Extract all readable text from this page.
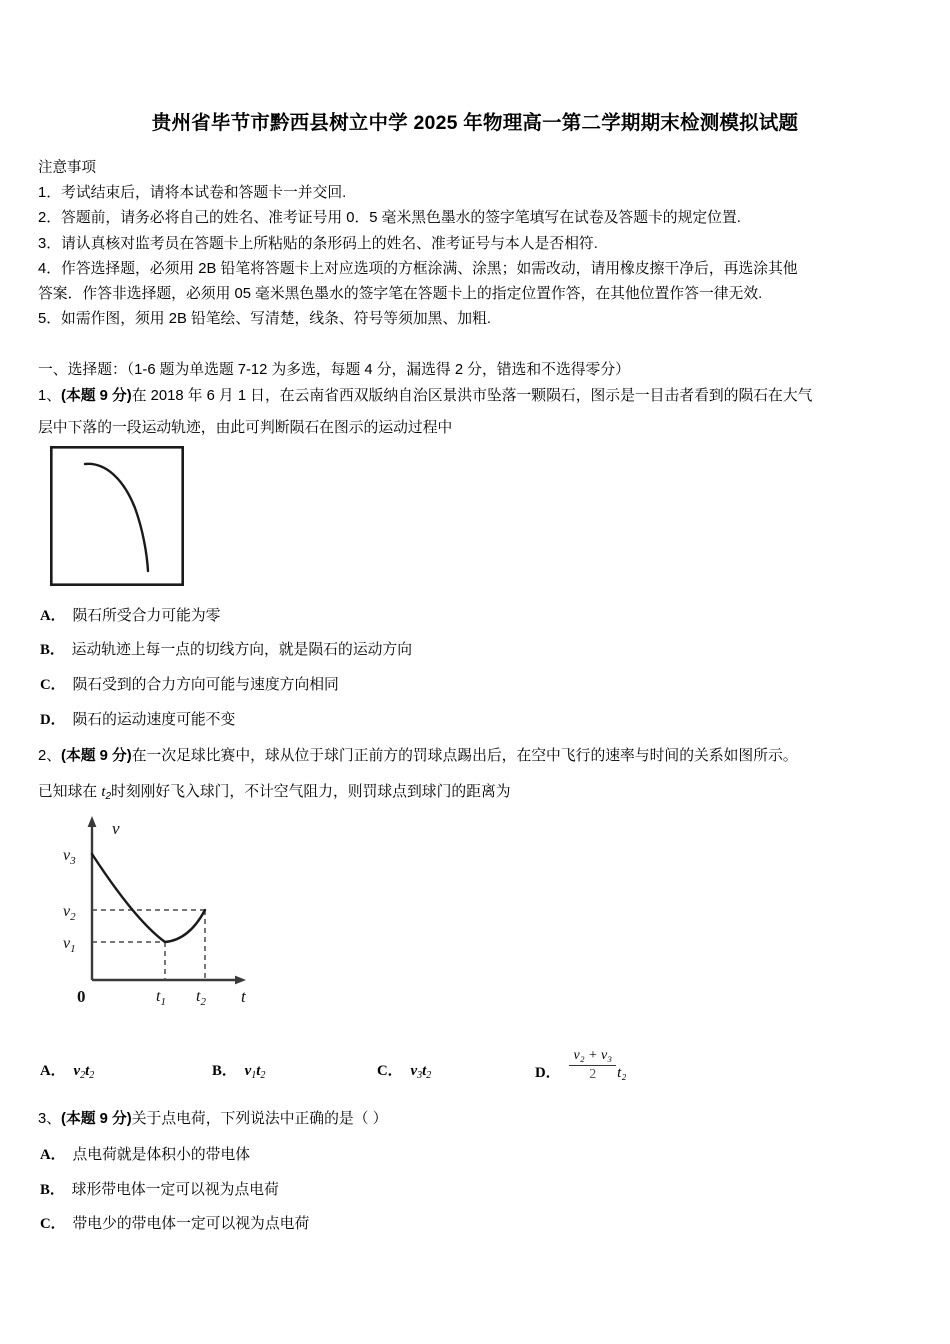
贵州省毕节市黔西县树立中学 2025 年物理高一第二学期期末检测模拟试题
注意事项
1．考试结束后，请将本试卷和答题卡一并交回.
2．答题前，请务必将自己的姓名、准考证号用 0．5 毫米黑色墨水的签字笔填写在试卷及答题卡的规定位置.
3．请认真核对监考员在答题卡上所粘贴的条形码上的姓名、准考证号与本人是否相符.
4．作答选择题，必须用 2B 铅笔将答题卡上对应选项的方框涂满、涂黑；如需改动，请用橡皮擦干净后，再选涂其他
答案．作答非选择题，必须用 05 毫米黑色墨水的签字笔在答题卡上的指定位置作答，在其他位置作答一律无效.
5．如需作图，须用 2B 铅笔绘、写清楚，线条、符号等须加黑、加粗.
一、选择题：（1-6 题为单选题 7-12 为多选，每题 4 分，漏选得 2 分，错选和不选得零分）
1、(本题 9 分)在 2018 年 6 月 1 日，在云南省西双版纳自治区景洪市坠落一颗陨石，图示是一目击者看到的陨石在大气
层中下落的一段运动轨迹，由此可判断陨石在图示的运动过程中
A． 陨石所受合力可能为零
B． 运动轨迹上每一点的切线方向，就是陨石的运动方向
C． 陨石受到的合力方向可能与速度方向相同
D． 陨石的运动速度可能不变
2、(本题 9 分)在一次足球比赛中，球从位于球门正前方的罚球点踢出后，在空中飞行的速率与时间的关系如图所示。
已知球在 $t_2$时刻刚好飞入球门，不计空气阻力，则罚球点到球门的距离为
$v_3$
$v_2$
$v_1$
$t_1$ $t_2$
0
v
t
A． $v_2t_2$	B． $v_1t_2$	C． $v_3t_2$	D． $\frac{\text{v₂ + v₃}}{2} t_2$
3、(本题 9 分)关于点电荷，下列说法中正确的是（ ）
A． 点电荷就是体积小的带电体
B． 球形带电体一定可以视为点电荷
C． 带电少的带电体一定可以视为点电荷
